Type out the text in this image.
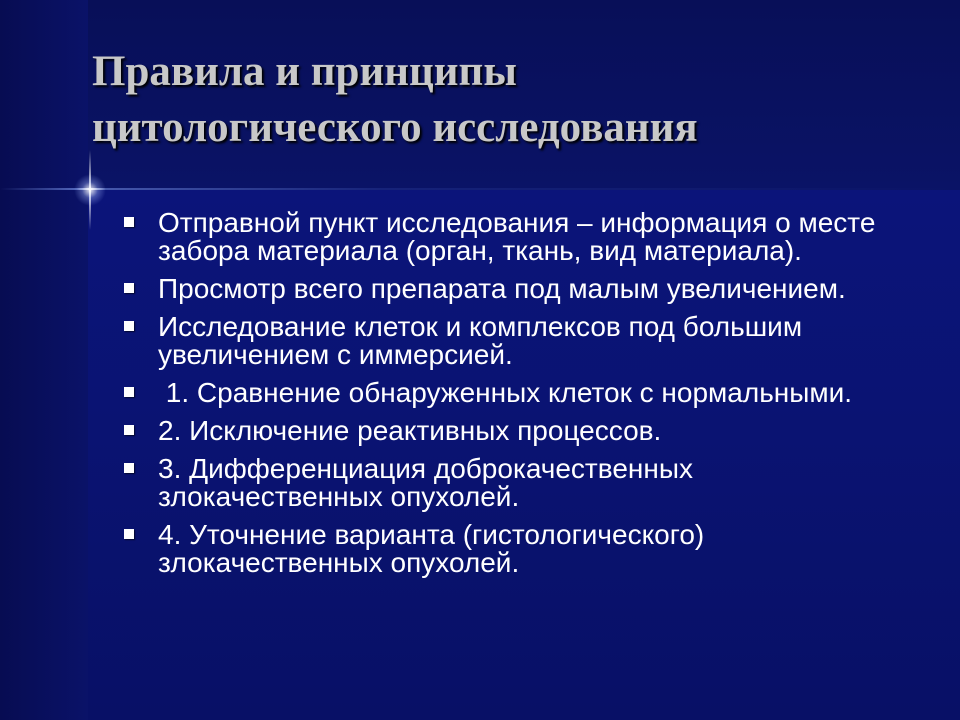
Правила и принципы
цитологического исследования
Отправной пункт исследования – информация о месте забора материала (орган, ткань, вид материала).
Просмотр всего препарата под малым увеличением.
Исследование клеток и комплексов под большим увеличением с иммерсией.
1. Сравнение обнаруженных клеток с нормальными.
2. Исключение реактивных процессов.
3. Дифференциация доброкачественных злокачественных опухолей.
4. Уточнение варианта (гистологического) злокачественных опухолей.
